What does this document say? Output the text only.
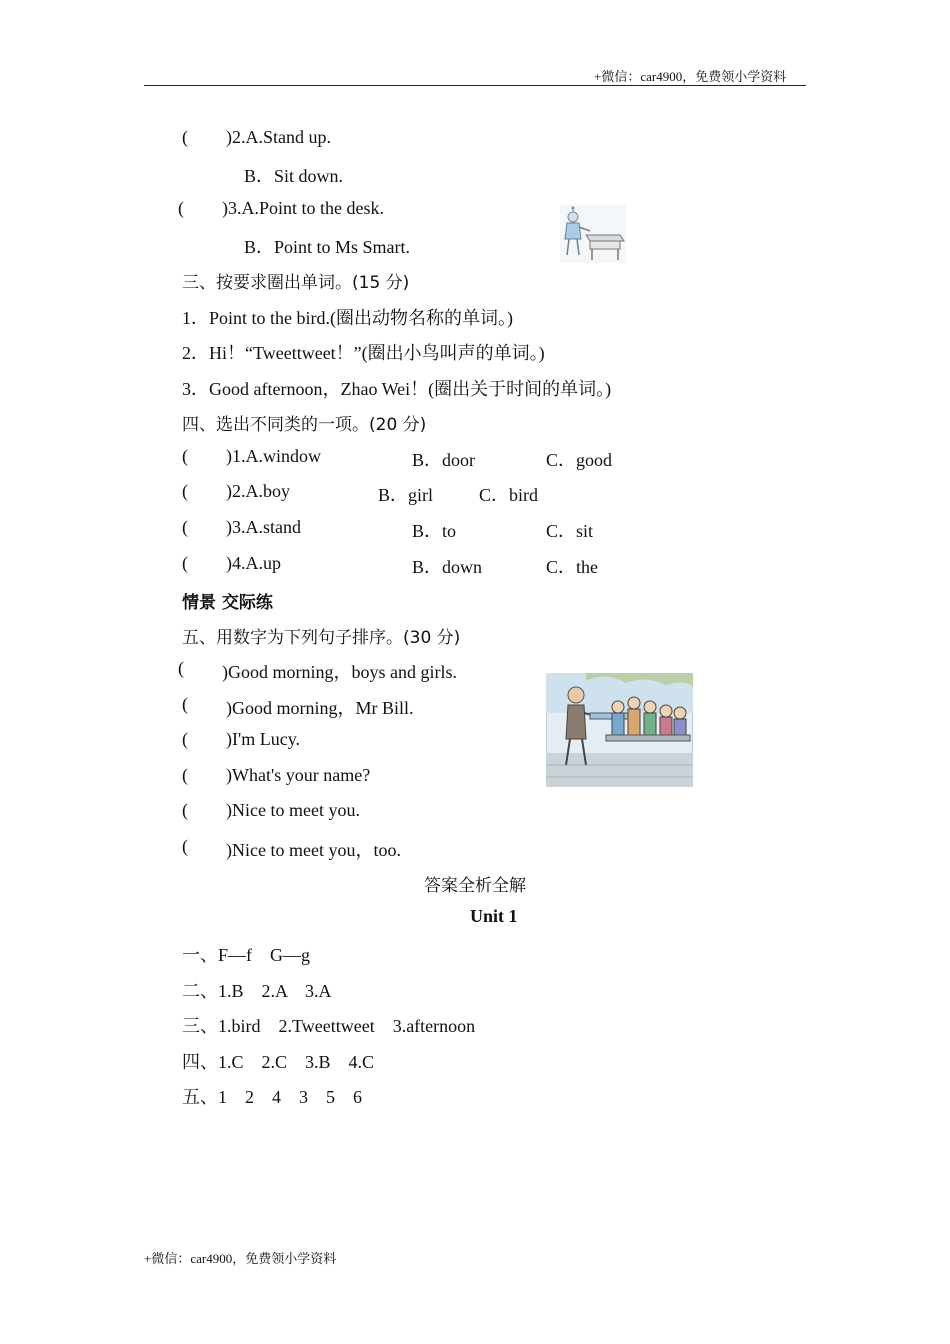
+微信：car4900，免费领小学资料
( )2.A.Stand up.
B．Sit down.
( )3.A.Point to the desk.
B．Point to Ms Smart.
三、按要求圈出单词。(15 分)
1．Point to the bird.(圈出动物名称的单词。)
2．Hi！“Tweettweet！”(圈出小鸟叫声的单词。)
3．Good afternoon，Zhao Wei！(圈出关于时间的单词。)
四、选出不同类的一项。(20 分)
( )1.A.window	B．door	C．good
( )2.A.boy	B．girl	C．bird
( )3.A.stand	B．to	C．sit
( )4.A.up	B．down	C．the
情景 交际练
五、用数字为下列句子排序。(30 分)
( )Good morning，boys and girls.
( )Good morning，Mr Bill.
( )I'm Lucy.
( )What's your name?
( )Nice to meet you.
( )Nice to meet you，too.
答案全析全解
Unit 1
一、F—f    G—g
二、1.B    2.A    3.A
三、1.bird    2.Tweettweet    3.afternoon
四、1.C    2.C    3.B    4.C
五、1    2    4    3    5    6
+微信：car4900，免费领小学资料
